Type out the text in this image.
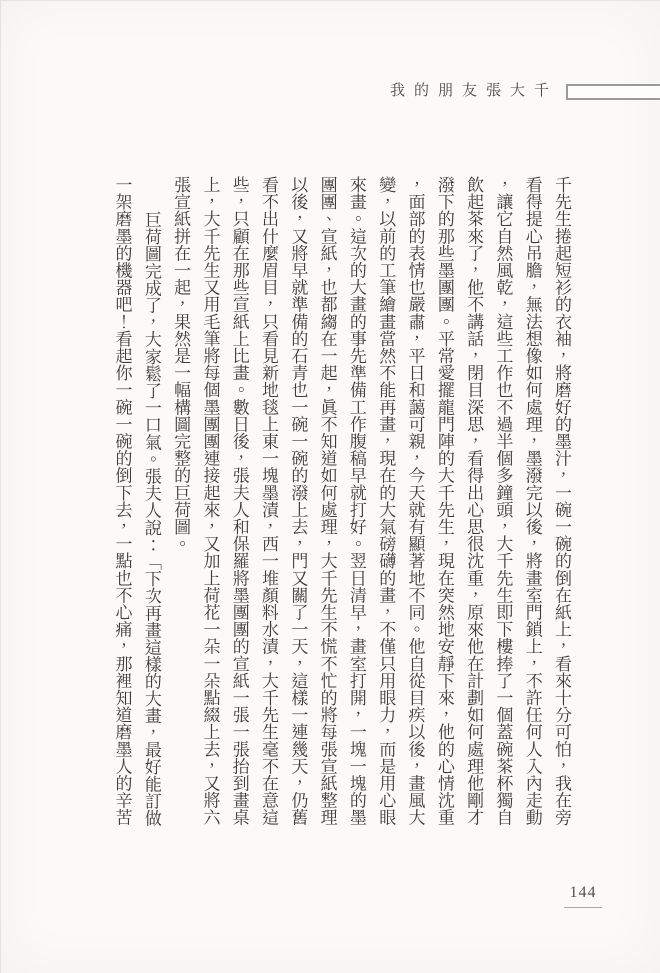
我的朋友張大千
千先生捲起短衫的衣袖，將磨好的墨汁，一碗一碗的倒在紙上，看來十分可怕，我在旁
看得提心吊膽，無法想像如何處理，墨潑完以後，將畫室門鎖上，不許任何人入內走動
，讓它自然風乾，這些工作也不過半個多鐘頭，大千先生即下樓捧了一個蓋碗茶杯獨自
飲起茶來了，他不講話，閉目深思，看得出心思很沈重，原來他在計劃如何處理他剛才
潑下的那些墨團團。平常愛擺龍門陣的大千先生，現在突然地安靜下來，他的心情沈重
，面部的表情也嚴肅，平日和藹可親，今天就有顯著地不同。他自從目疾以後，畫風大
變，以前的工筆繪畫當然不能再畫，現在的大氣磅礴的畫，不僅只用眼力，而是用心眼
來畫。這次的大畫的事先準備工作腹稿早就打好。翌日清早，畫室打開，一塊一塊的墨
團團、宣紙，也都縐在一起，眞不知道如何處理，大千先生不慌不忙的將每張宣紙整理
以後，又將早就準備的石青也一碗一碗的潑上去，門又關了一天，這樣一連幾天，仍舊
看不出什麼眉目，只看見新地毯上東一塊墨漬，西一堆顏料水漬，大千先生毫不在意這
些，只顧在那些宣紙上比畫。數日後，張夫人和保羅將墨團團的宣紙一張一張抬到畫桌
上，大千先生又用毛筆將每個墨團團連接起來，又加上荷花一朵一朵點綴上去，又將六
張宣紙拼在一起，果然是一幅構圖完整的巨荷圖。
巨荷圖完成了，大家鬆了一口氣。張夫人說：「下次再畫這樣的大畫，最好能訂做
一架磨墨的機器吧！看起你一碗一碗的倒下去，一點也不心痛，那裡知道磨墨人的辛苦
144
